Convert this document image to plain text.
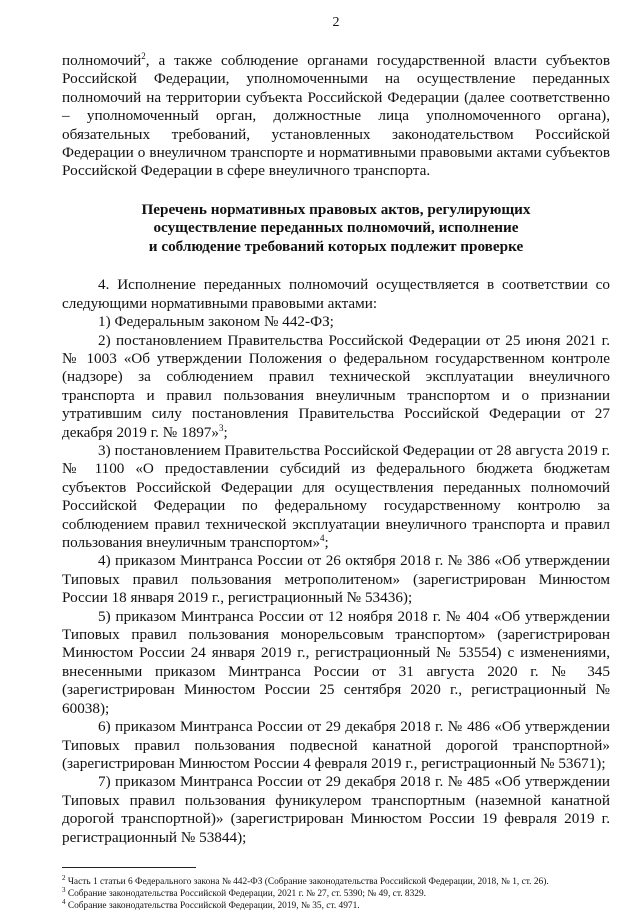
2

полномочий$^2$, а также соблюдение органами государственной власти субъектов Российской Федерации, уполномоченными на осуществление переданных полномочий на территории субъекта Российской Федерации (далее соответственно – уполномоченный орган, должностные лица уполномоченного органа), обязательных требований, установленных законодательством Российской Федерации о внеуличном транспорте и нормативными правовыми актами субъектов Российской Федерации в сфере внеуличного транспорта.

Перечень нормативных правовых актов, регулирующих
осуществление переданных полномочий, исполнение
и соблюдение требований которых подлежит проверке

4. Исполнение переданных полномочий осуществляется в соответствии со следующими нормативными правовыми актами:

1) Федеральным законом № 442-ФЗ;

2) постановлением Правительства Российской Федерации от 25 июня 2021 г. № 1003 «Об утверждении Положения о федеральном государственном контроле (надзоре) за соблюдением правил технической эксплуатации внеуличного транспорта и правил пользования внеуличным транспортом и о признании утратившим силу постановления Правительства Российской Федерации от 27 декабря 2019 г. № 1897»$^3$;

3) постановлением Правительства Российской Федерации от 28 августа 2019 г. № 1100 «О предоставлении субсидий из федерального бюджета бюджетам субъектов Российской Федерации для осуществления переданных полномочий Российской Федерации по федеральному государственному контролю за соблюдением правил технической эксплуатации внеуличного транспорта и правил пользования внеуличным транспортом»$^4$;

4) приказом Минтранса России от 26 октября 2018 г. № 386 «Об утверждении Типовых правил пользования метрополитеном» (зарегистрирован Минюстом России 18 января 2019 г., регистрационный № 53436);

5) приказом Минтранса России от 12 ноября 2018 г. № 404 «Об утверждении Типовых правил пользования монорельсовым транспортом» (зарегистрирован Минюстом России 24 января 2019 г., регистрационный № 53554) с изменениями, внесенными приказом Минтранса России от 31 августа 2020 г. № 345 (зарегистрирован Минюстом России 25 сентября 2020 г., регистрационный № 60038);

6) приказом Минтранса России от 29 декабря 2018 г. № 486 «Об утверждении Типовых правил пользования подвесной канатной дорогой транспортной» (зарегистрирован Минюстом России 4 февраля 2019 г., регистрационный № 53671);

7) приказом Минтранса России от 29 декабря 2018 г. № 485 «Об утверждении Типовых правил пользования фуникулером транспортным (наземной канатной дорогой транспортной)» (зарегистрирован Минюстом России 19 февраля 2019 г. регистрационный № 53844);

$^2$ Часть 1 статьи 6 Федерального закона № 442-ФЗ (Собрание законодательства Российской Федерации, 2018, № 1, ст. 26).

$^3$ Собрание законодательства Российской Федерации, 2021 г. № 27, ст. 5390; № 49, ст. 8329.

$^4$ Собрание законодательства Российской Федерации, 2019, № 35, ст. 4971.
